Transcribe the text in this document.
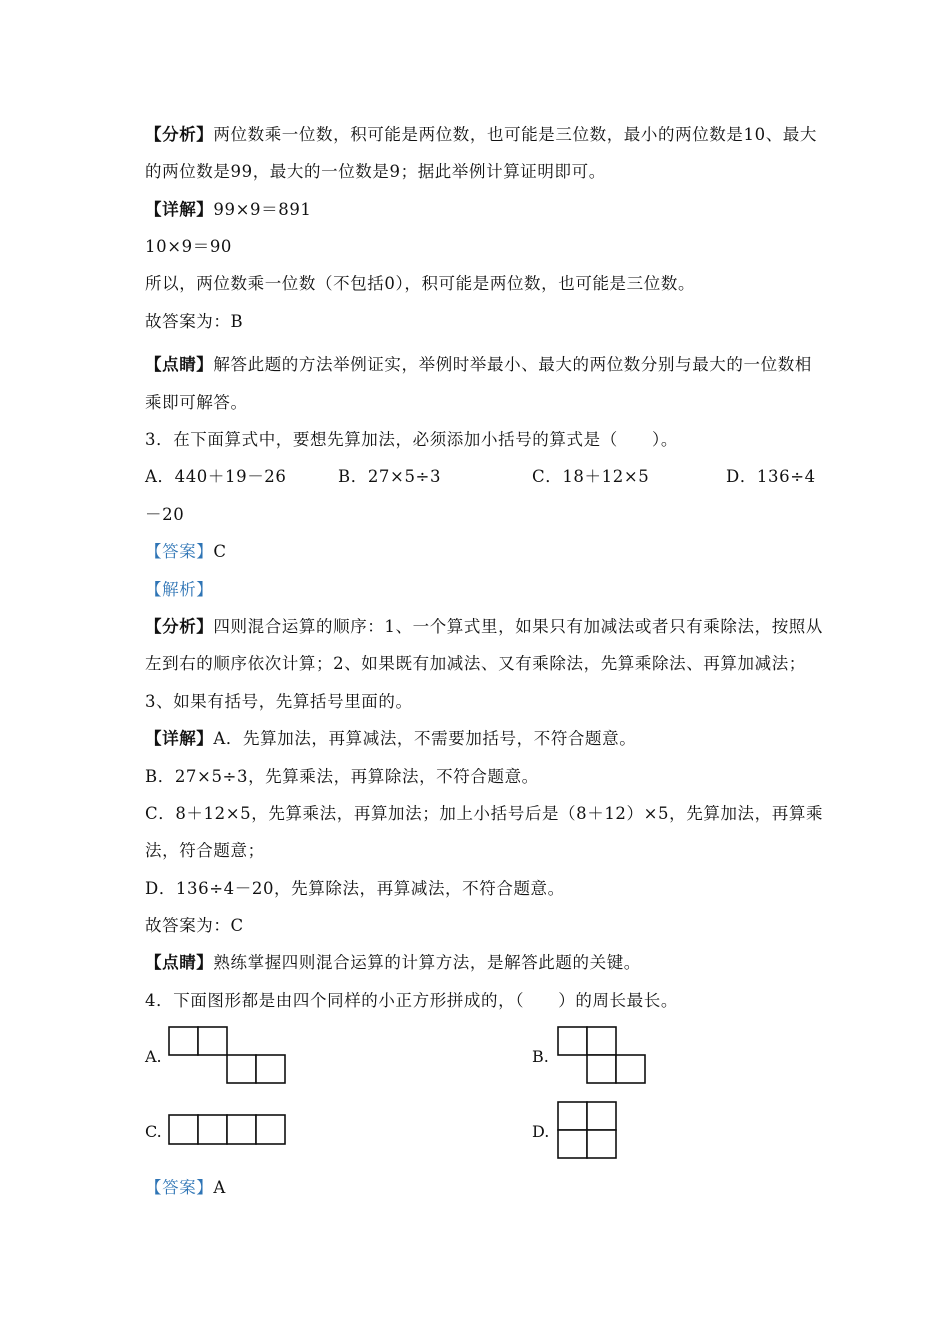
【分析】两位数乘一位数，积可能是两位数，也可能是三位数，最小的两位数是10、最大
的两位数是99，最大的一位数是9；据此举例计算证明即可。
【详解】99×9＝891
10×9＝90
所以，两位数乘一位数（不包括0），积可能是两位数，也可能是三位数。
故答案为：B
【点睛】解答此题的方法举例证实，举例时举最小、最大的两位数分别与最大的一位数相
乘即可解答。
3．在下面算式中，要想先算加法，必须添加小括号的算式是（　　）。
A．440＋19－26	B．27×5÷3	C．18＋12×5	D．136÷4
－20
【答案】C
【解析】
【分析】四则混合运算的顺序：1、一个算式里，如果只有加减法或者只有乘除法，按照从
左到右的顺序依次计算；2、如果既有加减法、又有乘除法，先算乘除法、再算加减法；
3、如果有括号，先算括号里面的。
【详解】A．先算加法，再算减法，不需要加括号，不符合题意。
B．27×5÷3，先算乘法，再算除法，不符合题意。
C．8＋12×5，先算乘法，再算加法；加上小括号后是（8＋12）×5，先算加法，再算乘
法，符合题意；
D．136÷4－20，先算除法，再算减法，不符合题意。
故答案为：C
【点睛】熟练掌握四则混合运算的计算方法，是解答此题的关键。
4．下面图形都是由四个同样的小正方形拼成的，（　　）的周长最长。
A.	B.
C.	D.
【答案】A
